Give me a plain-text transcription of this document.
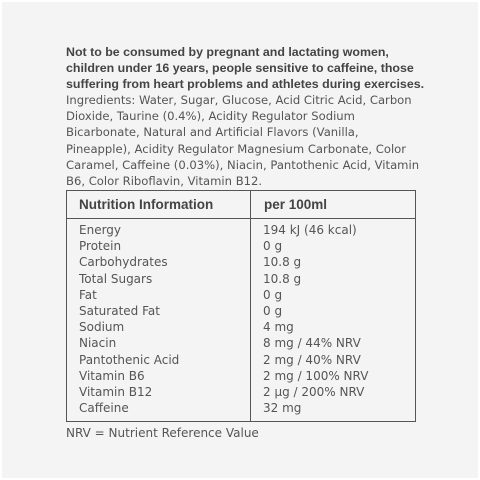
Not to be consumed by pregnant and lactating women, children under 16 years, people sensitive to caffeine, those suffering from heart problems and athletes during exercises.
Ingredients: Water, Sugar, Glucose, Acid Citric Acid, Carbon Dioxide, Taurine (0.4%), Acidity Regulator Sodium Bicarbonate, Natural and Artificial Flavors (Vanilla, Pineapple), Acidity Regulator Magnesium Carbonate, Color Caramel, Caffeine (0.03%), Niacin, Pantothenic Acid, Vitamin B6, Color Riboflavin, Vitamin B12.
Nutrition Information	per 100ml
Energy	194 kJ (46 kcal)
Protein	0 g
Carbohydrates	10.8 g
Total Sugars	10.8 g
Fat	0 g
Saturated Fat	0 g
Sodium	4 mg
Niacin	8 mg / 44% NRV
Pantothenic Acid	2 mg / 40% NRV
Vitamin B6	2 mg / 100% NRV
Vitamin B12	2 µg / 200% NRV
Caffeine	32 mg
NRV = Nutrient Reference Value
